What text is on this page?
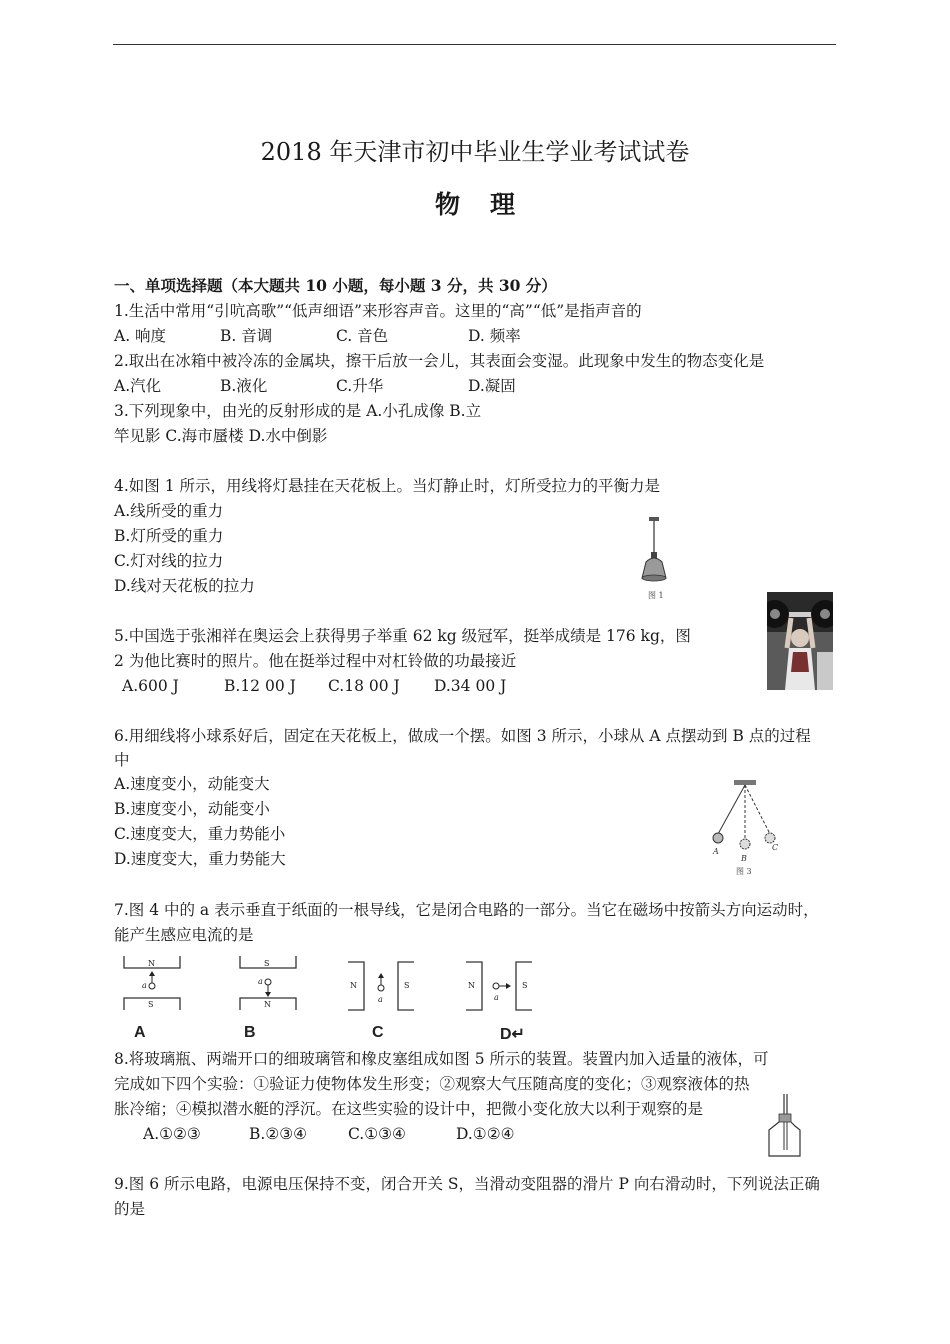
2018 年天津市初中毕业生学业考试试卷
物理
一、单项选择题（本大题共 10 小题，每小题 3 分，共 30 分）
1.生活中常用“引吭高歌”“低声细语”来形容声音。这里的“高”“低”是指声音的
A. 响度	B. 音调	C. 音色	D. 频率
2.取出在冰箱中被冷冻的金属块，擦干后放一会儿，其表面会变湿。此现象中发生的物态变化是
A.汽化	B.液化	C.升华	D.凝固
3.下列现象中，由光的反射形成的是 A.小孔成像 B.立
竿见影 C.海市蜃楼 D.水中倒影
4.如图 1 所示，用线将灯悬挂在天花板上。当灯静止时，灯所受拉力的平衡力是
A.线所受的重力
B.灯所受的重力
C.灯对线的拉力
D.线对天花板的拉力
图 1
5.中国选于张湘祥在奥运会上获得男子举重 62 kg 级冠军，挺举成绩是 176 kg，图
2 为他比赛时的照片。他在挺举过程中对杠铃做的功最接近
A.600 J	B.12 00 J C.18 00 J D.34 00 J
6.用细线将小球系好后，固定在天花板上，做成一个摆。如图 3 所示，小球从 A 点摆动到 B 点的过程
中
A.速度变小，动能变大
B.速度变小，动能变小
C.速度变大，重力势能小
D.速度变大，重力势能大	A
B
C
图 3
7.图 4 中的 a 表示垂直于纸面的一根导线，它是闭合电路的一部分。当它在磁场中按箭头方向运动时，
能产生感应电流的是
N
S
a
A
S
N
a
B
N	S
a
C
N	S
a
D↵
8.将玻璃瓶、两端开口的细玻璃管和橡皮塞组成如图 5 所示的装置。装置内加入适量的液体，可
完成如下四个实验：①验证力使物体发生形变；②观察大气压随高度的变化；③观察液体的热
胀冷缩；④模拟潜水艇的浮沉。在这些实验的设计中，把微小变化放大以利于观察的是
A.①②③	B.②③④	C.①③④	D.①②④
9.图 6 所示电路，电源电压保持不变，闭合开关 S，当滑动变阻器的滑片 P 向右滑动时，下列说法正确
的是
